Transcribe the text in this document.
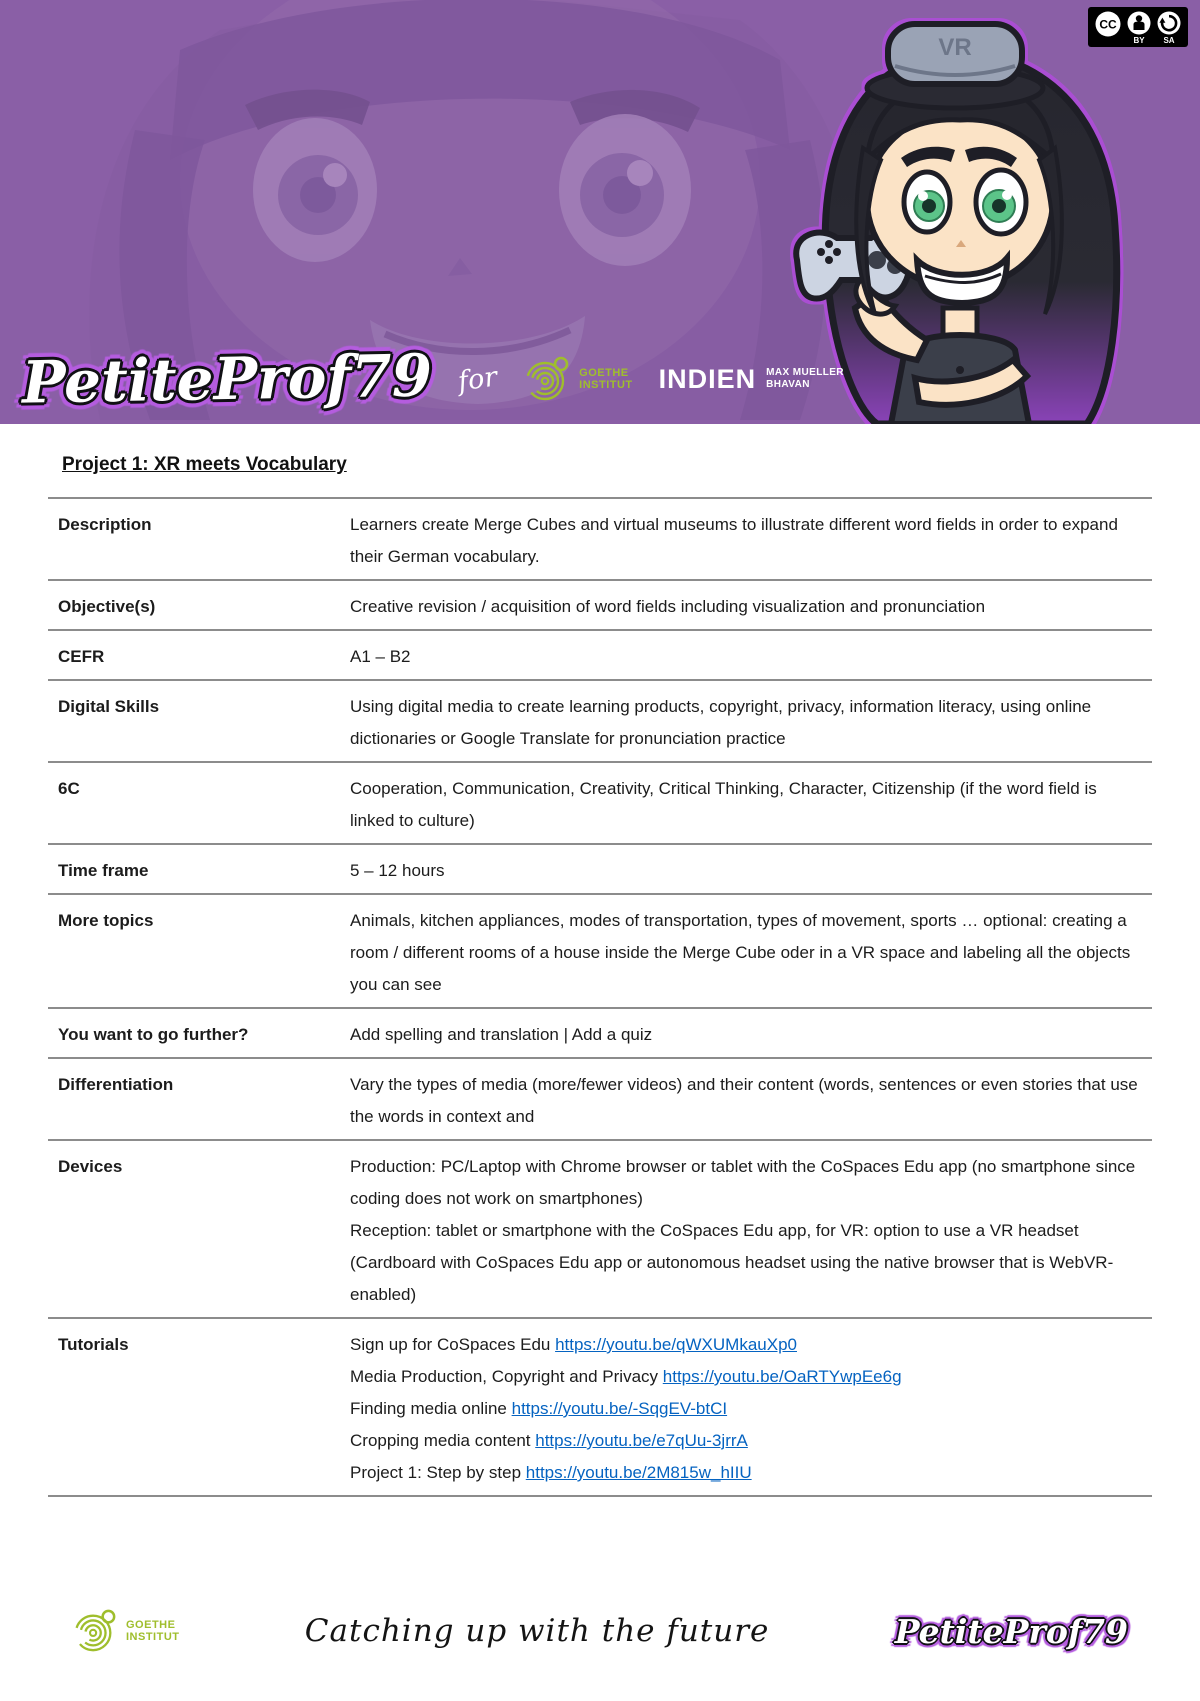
VR
CC
BY SA
PetiteProf79 for	GOETHE
INSTITUT INDIEN MAX MUELLER
BHAVAN
Project 1: XR meets Vocabulary
Description	Learners create Merge Cubes and virtual museums to illustrate different word fields in order to expand their German vocabulary.
Objective(s)	Creative revision / acquisition of word fields including visualization and pronunciation
CEFR	A1 – B2
Digital Skills	Using digital media to create learning products, copyright, privacy, information literacy, using online dictionaries or Google Translate for pronunciation practice
6C	Cooperation, Communication, Creativity, Critical Thinking, Character, Citizenship (if the word field is linked to culture)
Time frame	5 – 12 hours
More topics	Animals, kitchen appliances, modes of transportation, types of movement, sports … optional: creating a room / different rooms of a house inside the Merge Cube oder in a VR space and labeling all the objects you can see
You want to go further?	Add spelling and translation | Add a quiz
Differentiation	Vary the types of media (more/fewer videos) and their content (words, sentences or even stories that use the words in context and
Devices	Production: PC/Laptop with Chrome browser or tablet with the CoSpaces Edu app (no smartphone since coding does not work on smartphones)
Reception: tablet or smartphone with the CoSpaces Edu app, for VR: option to use a VR headset (Cardboard with CoSpaces Edu app or autonomous headset using the native browser that is WebVR-enabled)
Tutorials	Sign up for CoSpaces Edu https://youtu.be/qWXUMkauXp0
Media Production, Copyright and Privacy https://youtu.be/OaRTYwpEe6g
Finding media online https://youtu.be/-SqgEV-btCI
Cropping media content https://youtu.be/e7qUu-3jrrA
Project 1: Step by step https://youtu.be/2M815w_hIIU
GOETHE
INSTITUT	Catching up with the future	PetiteProf79
